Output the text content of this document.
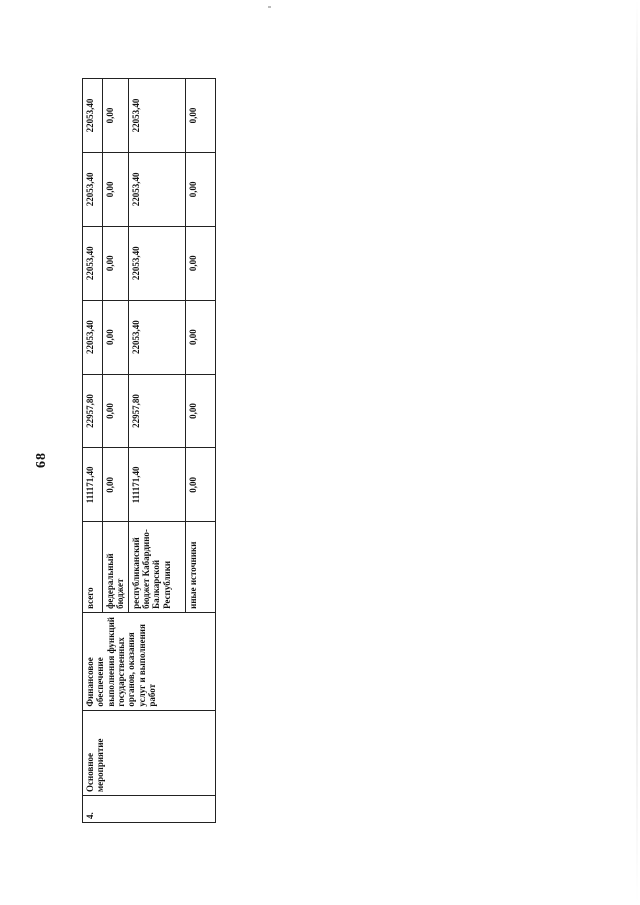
68
4.	Основное мероприятие	Финансовое обеспечение выполнения функций государственных органов, оказания услуг и выполнения работ	всего	111171,40	22957,80	22053,40	22053,40	22053,40	22053,40
			федеральный бюджет	0,00	0,00	0,00	0,00	0,00	0,00
			республиканский бюджет Кабардино-Балкарской Республики	111171,40	22957,80	22053,40	22053,40	22053,40	22053,40
			иные источники	0,00	0,00	0,00	0,00	0,00	0,00
